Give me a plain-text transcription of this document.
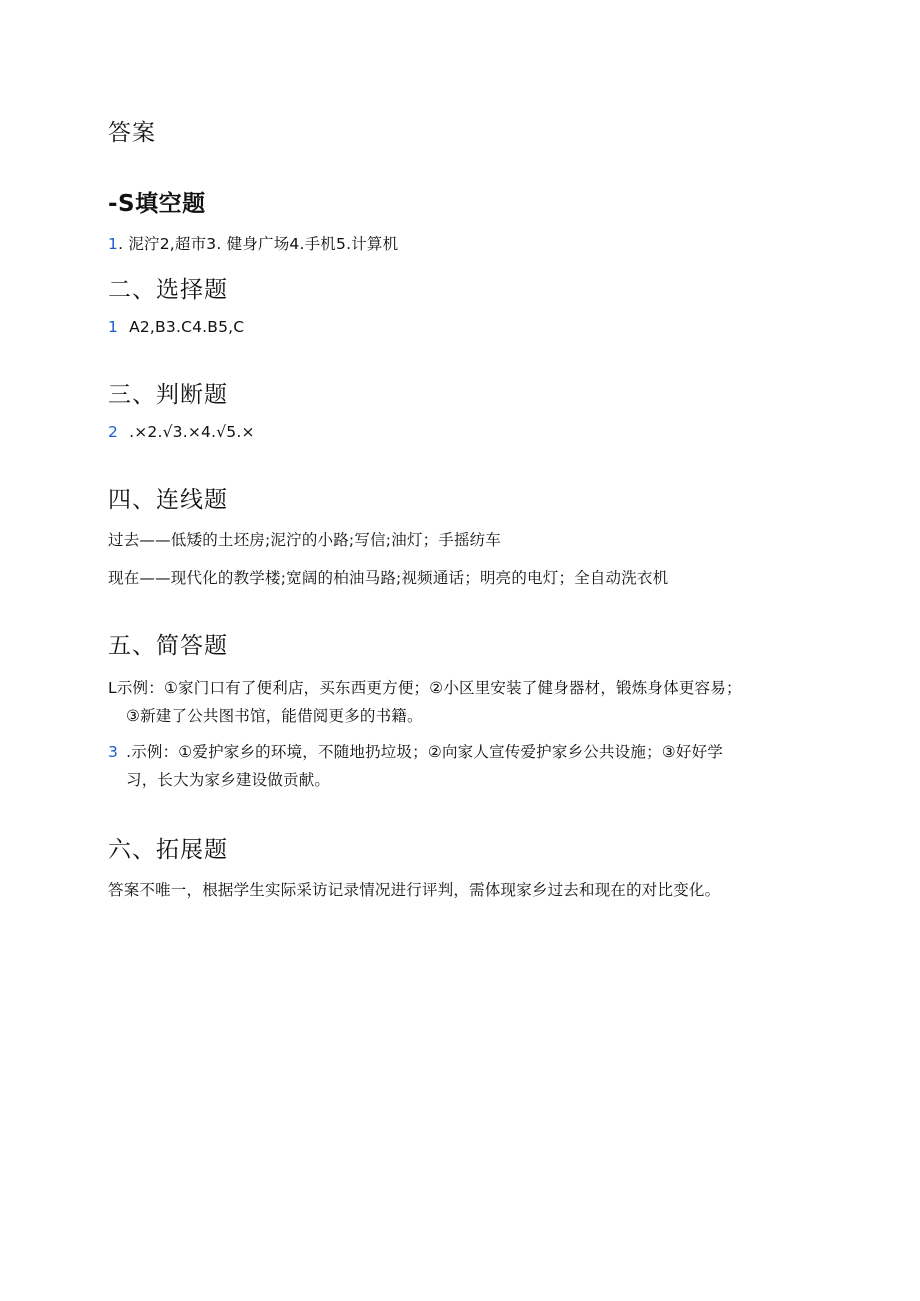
答案
-S填空题
1. 泥泞2,超市3. 健身广场4.手机5.计算机
二、选择题
1 A2,B3.C4.B5,C
三、判断题
2 .×2.√3.×4.√5.×
四、连线题
过去——低矮的土坯房;泥泞的小路;写信;油灯；手摇纺车
现在——现代化的教学楼;宽阔的柏油马路;视频通话；明亮的电灯；全自动洗衣机
五、简答题
L示例：①家门口有了便利店，买东西更方便；②小区里安装了健身器材，锻炼身体更容易；
③新建了公共图书馆，能借阅更多的书籍。
3 .示例：①爱护家乡的环境，不随地扔垃圾；②向家人宣传爱护家乡公共设施；③好好学
习，长大为家乡建设做贡献。
六、拓展题
答案不唯一，根据学生实际采访记录情况进行评判，需体现家乡过去和现在的对比变化。
